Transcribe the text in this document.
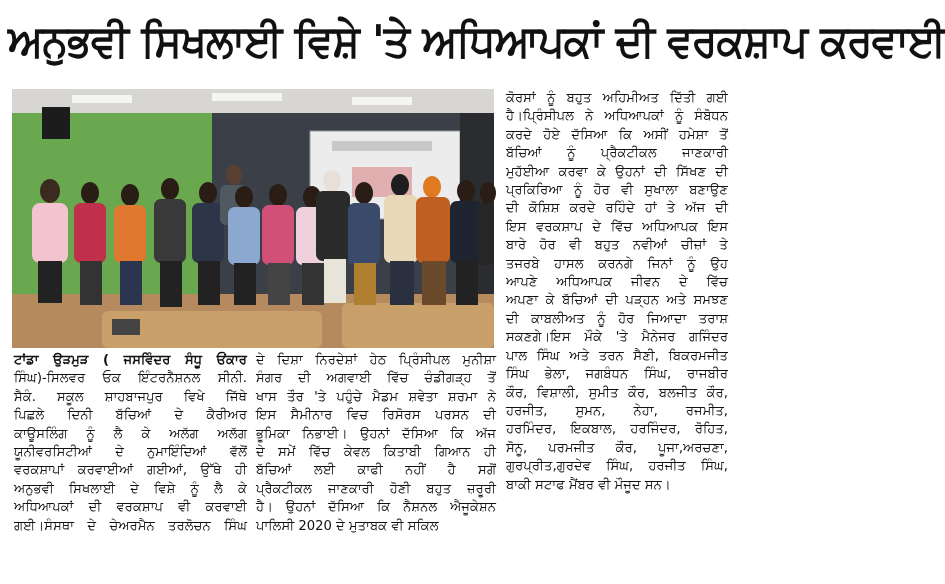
ਅਨੁਭਵੀ ਸਿਖਲਾਈ ਵਿਸ਼ੇ 'ਤੇ ਅਧਿਆਪਕਾਂ ਦੀ ਵਰਕਸ਼ਾਪ ਕਰਵਾਈ
ਟਾਂਡਾ ਉੜਮੁੜ ( ਜਸਵਿੰਦਰ ਸੰਧੂ ਓਂਕਾਰ
ਸਿੰਘ)-ਸਿਲਵਰ ਓਕ ਇੰਟਰਨੈਸ਼ਨਲ ਸੀਨੀ.
ਸੈਕੰ. ਸਕੂਲ ਸ਼ਾਹਬਾਜਪੁਰ ਵਿਖੇ ਜਿੱਥੇ
ਪਿਛਲੇ ਦਿਨੀ ਬੱਚਿਆਂ ਦੇ ਕੈਰੀਅਰ
ਕਾਊਸਲਿੰਗ ਨੂੰ ਲੈ ਕੇ ਅਲੱਗ ਅਲੱਗ
ਯੂਨੀਵਰਸਿਟੀਆਂ ਦੇ ਨੁਮਾਇੰਦਿਆਂ ਵੱਲੋਂ
ਵਰਕਸ਼ਾਪਾਂ ਕਰਵਾਈਆਂ ਗਈਆਂ, ਉੱਥੇ ਹੀ
ਅਨੁਭਵੀ ਸਿਖਲਾਈ ਦੇ ਵਿਸ਼ੇ ਨੂੰ ਲੈ ਕੇ
ਅਧਿਆਪਕਾਂ ਦੀ ਵਰਕਸ਼ਾਪ ਵੀ ਕਰਵਾਈ
ਗਈ।ਸੰਸਥਾ ਦੇ ਚੇਅਰਮੈਨ ਤਰਲੋਚਨ ਸਿੰਘ
ਦੇ ਦਿਸ਼ਾ ਨਿਰਦੇਸ਼ਾਂ ਹੇਠ ਪ੍ਰਿੰਸੀਪਲ ਮੁਨੀਸ਼ਾ
ਸੰਗਰ ਦੀ ਅਗਵਾਈ ਵਿੱਚ ਚੰਡੀਗੜ੍ਹ ਤੋਂ
ਖਾਸ ਤੌਰ 'ਤੇ ਪਹੁੰਚੇ ਮੈਡਮ ਸ਼ਵੇਤਾ ਸ਼ਰਮਾ ਨੇ
ਇਸ ਸੈਮੀਨਾਰ ਵਿਚ ਰਿਸੋਰਸ ਪਰਸਨ ਦੀ
ਭੂਮਿਕਾ ਨਿਭਾਈ। ਉਹਨਾਂ ਦੱਸਿਆ ਕਿ ਅੱਜ
ਦੇ ਸਮੇਂ ਵਿੱਚ ਕੇਵਲ ਕਿਤਾਬੀ ਗਿਆਨ ਹੀ
ਬੱਚਿਆਂ ਲਈ ਕਾਫੀ ਨਹੀਂ ਹੈ ਸਗੋਂ
ਪ੍ਰੈਕਟੀਕਲ ਜਾਣਕਾਰੀ ਹੋਣੀ ਬਹੁਤ ਜ਼ਰੂਰੀ
ਹੈ। ਉਹਨਾਂ ਦੱਸਿਆ ਕਿ ਨੈਸ਼ਨਲ ਐਜੂਕੇਸ਼ਨ
ਪਾਲਿਸੀ 2020 ਦੇ ਮੁਤਾਬਕ ਵੀ ਸਕਿਲ
ਕੋਰਸਾਂ ਨੂੰ ਬਹੁਤ ਅਹਿਮੀਅਤ ਦਿੱਤੀ ਗਈ
ਹੈ।ਪ੍ਰਿੰਸੀਪਲ ਨੇ ਅਧਿਆਪਕਾਂ ਨੂੰ ਸੰਬੋਧਨ
ਕਰਦੇ ਹੋਏ ਦੱਸਿਆ ਕਿ ਅਸੀਂ ਹਮੇਸ਼ਾ ਤੋਂ
ਬੱਚਿਆਂ ਨੂੰ ਪ੍ਰੈਕਟੀਕਲ ਜਾਣਕਾਰੀ
ਮੁਹੱਈਆ ਕਰਵਾ ਕੇ ਉਹਨਾਂ ਦੀ ਸਿੱਖਣ ਦੀ
ਪ੍ਰਕਿਰਿਆ ਨੂੰ ਹੋਰ ਵੀ ਸੁਖਾਲਾ ਬਣਾਉਣ
ਦੀ ਕੋਸ਼ਿਸ਼ ਕਰਦੇ ਰਹਿੰਦੇ ਹਾਂ ਤੇ ਅੱਜ ਦੀ
ਇਸ ਵਰਕਸ਼ਾਪ ਦੇ ਵਿੱਚ ਅਧਿਆਪਕ ਇਸ
ਬਾਰੇ ਹੋਰ ਵੀ ਬਹੁਤ ਨਵੀਆਂ ਚੀਜ਼ਾਂ ਤੇ
ਤਜਰਬੇ ਹਾਸਲ ਕਰਨਗੇ ਜਿਨਾਂ ਨੂੰ ਉਹ
ਆਪਣੇ ਅਧਿਆਪਕ ਜੀਵਨ ਦੇ ਵਿੱਚ
ਅਪਣਾ ਕੇ ਬੱਚਿਆਂ ਦੀ ਪੜ੍ਹਨ ਅਤੇ ਸਮਝਣ
ਦੀ ਕਾਬਲੀਅਤ ਨੂੰ ਹੋਰ ਜਿਆਦਾ ਤਰਾਸ਼
ਸਕਣਗੇ।ਇਸ ਮੌਕੇ 'ਤੇ ਮੈਨੇਜਰ ਗਜਿੰਦਰ
ਪਾਲ ਸਿੰਘ ਅਤੇ ਤਰਨ ਸੈਣੀ, ਬਿਕਰਮਜੀਤ
ਸਿੰਘ ਭੇਲਾ, ਜਗਬੰਧਨ ਸਿੰਘ, ਰਾਜਬੀਰ
ਕੌਰ, ਵਿਸ਼ਾਲੀ, ਸੁਮੀਤ ਕੌਰ, ਬਲਜੀਤ ਕੌਰ,
ਹਰਜੀਤ, ਸੁਮਨ, ਨੇਹਾ, ਰਜਮੀਤ,
ਹਰਮਿੰਦਰ, ਇਕਬਾਲ, ਹਰਜਿੰਦਰ, ਰੋਹਿਤ,
ਸੋਨੂ, ਪਰਮਜੀਤ ਕੌਰ, ਪੂਜਾ,ਅਰਚਣਾ,
ਗੁਰਪ੍ਰੀਤ,ਗੁਰਦੇਵ ਸਿੰਘ, ਹਰਜੀਤ ਸਿੰਘ,
ਬਾਕੀ ਸਟਾਫ ਮੈਂਬਰ ਵੀ ਮੌਜੂਦ ਸਨ।
